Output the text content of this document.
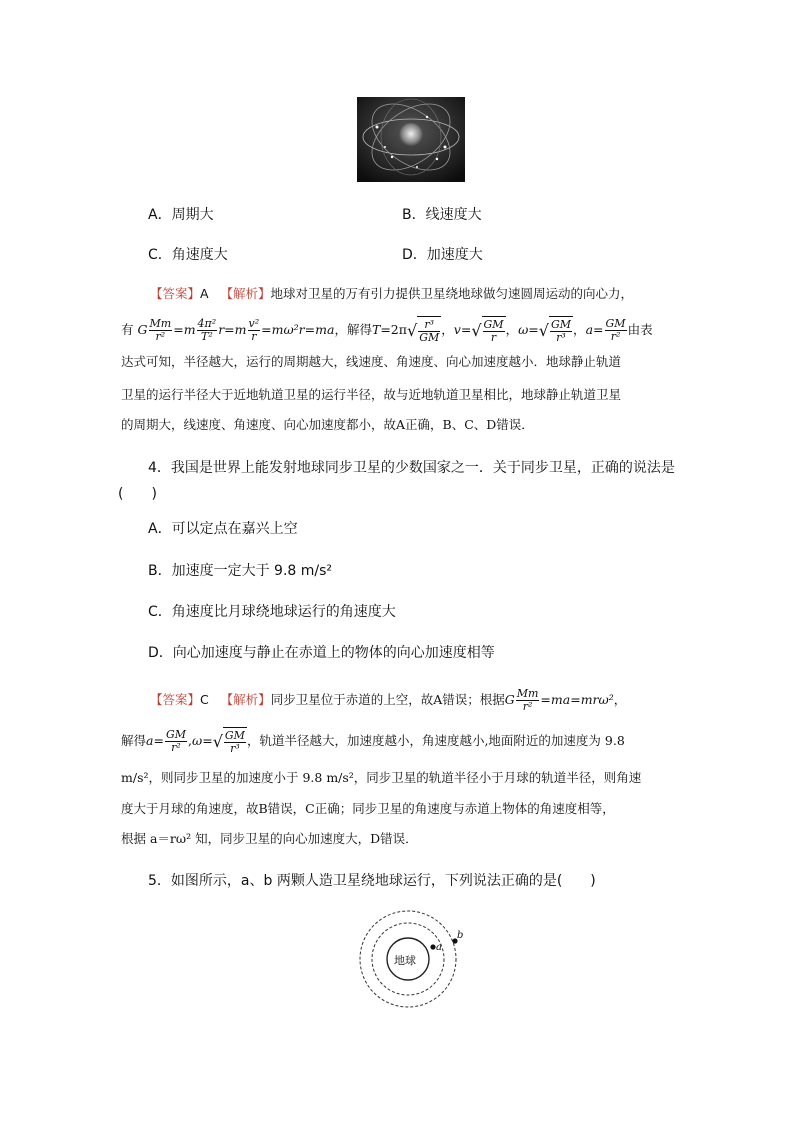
A．周期大	B．线速度大
C．角速度大	D．加速度大
【答案】A 【解析】地球对卫星的万有引力提供卫星绕地球做匀速圆周运动的向心力，
有 G $\frac{Mm}{\text{r²}} =m \frac{\text{4π²}}{\text{T²}} r=m \frac{\text{v²}}{r} =m\omega^2r=ma$，解得$T=2\pi√ \frac{\text{r³}}{GM}$ ，$v=√ \frac{GM}{r}$ ，$\omega=√ \frac{GM}{\text{r³}}$ ，$a= \frac{GM}{\text{r²}}$ 由表
达式可知，半径越大，运行的周期越大，线速度、角速度、向心加速度越小．地球静止轨道
卫星的运行半径大于近地轨道卫星的运行半径，故与近地轨道卫星相比，地球静止轨道卫星
的周期大，线速度、角速度、向心加速度都小，故A正确，B、C、D错误．
4．我国是世界上能发射地球同步卫星的少数国家之一．关于同步卫星，正确的说法是
(　　)
A．可以定点在嘉兴上空
B．加速度一定大于 9.8 m/s²
C．角速度比月球绕地球运行的角速度大
D．向心加速度与静止在赤道上的物体的向心加速度相等
【答案】C 【解析】同步卫星位于赤道的上空，故A错误；根据G $\frac{Mm}{\text{r²}} =ma=mr\omega^2$，
解得$a= \frac{GM}{\text{r²}} ,\omega=√ \frac{GM}{\text{r³}}$ ，轨道半径越大，加速度越小，角速度越小,地面附近的加速度为 9.8
m/s²，则同步卫星的加速度小于 9.8 m/s²，同步卫星的轨道半径小于月球的轨道半径，则角速
度大于月球的角速度，故B错误，C正确；同步卫星的角速度与赤道上物体的角速度相等，
根据 a＝rω² 知，同步卫星的向心加速度大，D错误．
5．如图所示，a、b 两颗人造卫星绕地球运行，下列说法正确的是(　　)
地球
a
b
